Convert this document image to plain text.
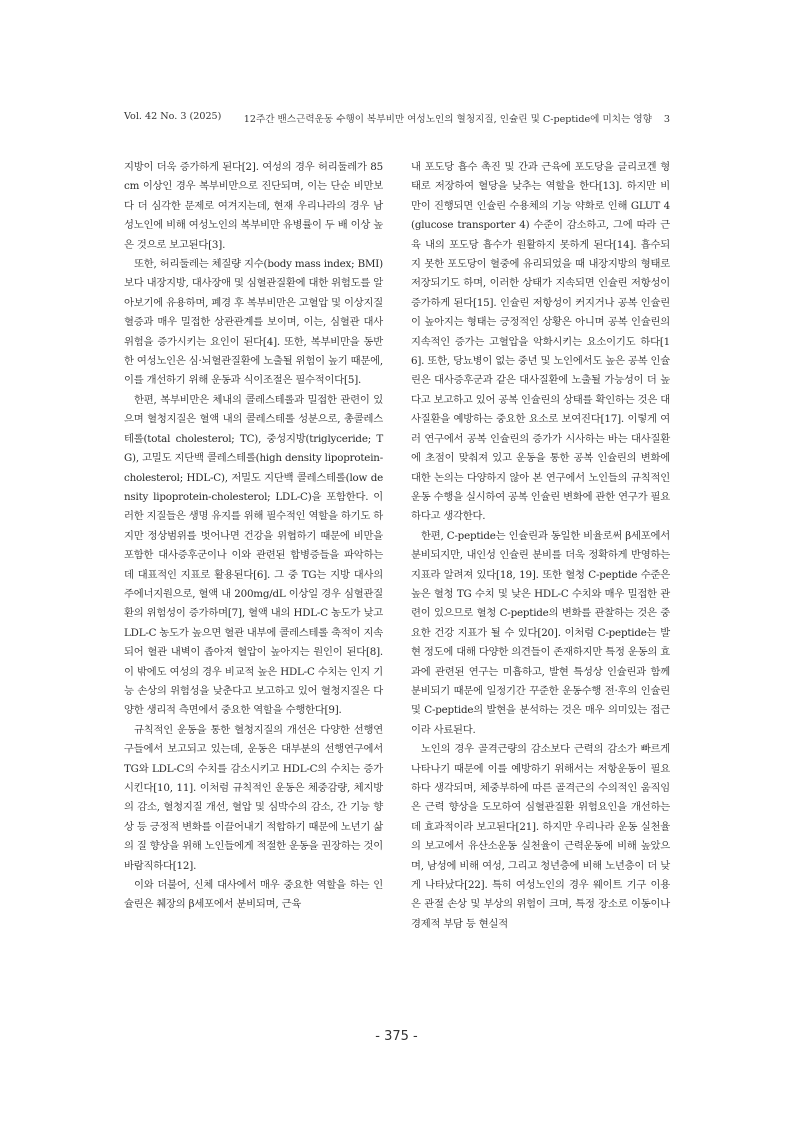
Vol. 42 No. 3 (2025) 12주간 밴스근력운동 수행이 복부비만 여성노인의 혈청지질, 인슐린 및 C-peptide에 미치는 영향 3

지방이 더욱 증가하게 된다[2]. 여성의 경우 허리둘레가 85 cm 이상인 경우 복부비만으로 진단되며, 이는 단순 비만보다 더 심각한 문제로 여겨지는데, 현재 우리나라의 경우 남성노인에 비해 여성노인의 복부비만 유병률이 두 배 이상 높은 것으로 보고된다[3].

또한, 허리둘레는 체질량 지수(body mass index; BMI)보다 내장지방, 대사장애 및 심혈관질환에 대한 위험도를 알아보기에 유용하며, 폐경 후 복부비만은 고혈압 및 이상지질혈증과 매우 밀접한 상관관계를 보이며, 이는, 심혈관 대사 위험을 증가시키는 요인이 된다[4]. 또한, 복부비만을 동반한 여성노인은 심·뇌혈관질환에 노출될 위험이 높기 때문에, 이를 개선하기 위해 운동과 식이조절은 필수적이다[5].

한편, 복부비만은 체내의 콜레스테롤과 밀접한 관련이 있으며 혈청지질은 혈액 내의 콜레스테롤 성분으로, 총콜레스테롤(total cholesterol; TC), 중성지방(triglyceride; TG), 고밀도 지단백 콜레스테롤(high density lipoprotein-cholesterol; HDL-C), 저밀도 지단백 콜레스테롤(low density lipoprotein-cholesterol; LDL-C)을 포함한다. 이러한 지질들은 생명 유지를 위해 필수적인 역할을 하기도 하지만 정상범위를 벗어나면 건강을 위협하기 때문에 비만을 포함한 대사증후군이나 이와 관련된 합병증들을 파악하는데 대표적인 지표로 활용된다[6]. 그 중 TG는 지방 대사의 주에너지원으로, 혈액 내 200mg/dL 이상일 경우 심혈관질환의 위험성이 증가하며[7], 혈액 내의 HDL-C 농도가 낮고 LDL-C 농도가 높으면 혈관 내부에 콜레스테롤 축적이 지속되어 혈관 내벽이 좁아져 혈압이 높아지는 원인이 된다[8]. 이 밖에도 여성의 경우 비교적 높은 HDL-C 수치는 인지 기능 손상의 위험성을 낮춘다고 보고하고 있어 혈청지질은 다양한 생리적 측면에서 중요한 역할을 수행한다[9].

규칙적인 운동을 통한 혈청지질의 개선은 다양한 선행연구들에서 보고되고 있는데, 운동은 대부분의 선행연구에서 TG와 LDL-C의 수치를 감소시키고 HDL-C의 수치는 증가시킨다[10, 11]. 이처럼 규칙적인 운동은 체중감량, 체지방의 감소, 혈청지질 개선, 혈압 및 심박수의 감소, 간 기능 향상 등 긍정적 변화를 이끌어내기 적합하기 때문에 노년기 삶의 질 향상을 위해 노인들에게 적절한 운동을 권장하는 것이 바람직하다[12].

이와 더불어, 신체 대사에서 매우 중요한 역할을 하는 인슐린은 췌장의 β세포에서 분비되며, 근육

내 포도당 흡수 촉진 및 간과 근육에 포도당을 글리코겐 형태로 저장하여 혈당을 낮추는 역할을 한다[13]. 하지만 비만이 진행되면 인슐린 수용체의 기능 약화로 인해 GLUT 4(glucose transporter 4) 수준이 감소하고, 그에 따라 근육 내의 포도당 흡수가 원활하지 못하게 된다[14]. 흡수되지 못한 포도당이 혈중에 유리되었을 때 내장지방의 형태로 저장되기도 하며, 이러한 상태가 지속되면 인슐린 저항성이 증가하게 된다[15]. 인슐린 저항성이 커지거나 공복 인슐린이 높아지는 형태는 긍정적인 상황은 아니며 공복 인슐린의 지속적인 증가는 고혈압을 악화시키는 요소이기도 하다[16]. 또한, 당뇨병이 없는 중년 및 노인에서도 높은 공복 인슐린은 대사증후군과 같은 대사질환에 노출될 가능성이 더 높다고 보고하고 있어 공복 인슐린의 상태를 확인하는 것은 대사질환을 예방하는 중요한 요소로 보여진다[17]. 이렇게 여러 연구에서 공복 인슐린의 증가가 시사하는 바는 대사질환에 초점이 맞춰져 있고 운동을 통한 공복 인슐린의 변화에 대한 논의는 다양하지 않아 본 연구에서 노인들의 규칙적인 운동 수행을 실시하여 공복 인슐린 변화에 관한 연구가 필요하다고 생각한다.

한편, C-peptide는 인슐린과 동일한 비율로써 β세포에서 분비되지만, 내인성 인슐린 분비를 더욱 정확하게 반영하는 지표라 알려져 있다[18, 19]. 또한 혈청 C-peptide 수준은 높은 혈청 TG 수치 및 낮은 HDL-C 수치와 매우 밀접한 관련이 있으므로 혈청 C-peptide의 변화를 관찰하는 것은 중요한 건강 지표가 될 수 있다[20]. 이처럼 C-peptide는 발현 정도에 대해 다양한 의견들이 존재하지만 특정 운동의 효과에 관련된 연구는 미흡하고, 발현 특성상 인슐린과 함께 분비되기 때문에 일정기간 꾸준한 운동수행 전·후의 인슐린 및 C-peptide의 발현을 분석하는 것은 매우 의미있는 접근이라 사료된다.

노인의 경우 골격근량의 감소보다 근력의 감소가 빠르게 나타나기 때문에 이를 예방하기 위해서는 저항운동이 필요하다 생각되며, 체중부하에 따른 골격근의 수의적인 움직임은 근력 향상을 도모하여 심혈관질환 위험요인을 개선하는데 효과적이라 보고된다[21]. 하지만 우리나라 운동 실천율의 보고에서 유산소운동 실천율이 근력운동에 비해 높았으며, 남성에 비해 여성, 그리고 청년층에 비해 노년층이 더 낮게 나타났다[22]. 특히 여성노인의 경우 웨이트 기구 이용은 관절 손상 및 부상의 위험이 크며, 특정 장소로 이동이나 경제적 부담 등 현실적

- 375 -
